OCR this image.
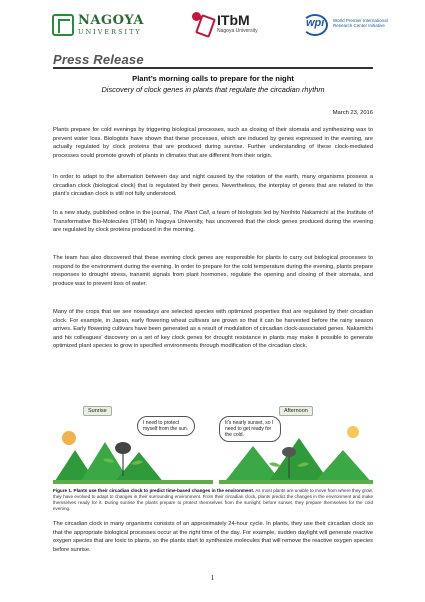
NAGOYA
UNIVERSITY
ITbM
Nagoya University
wpi
World Premier International Research Center Initiative
Press Release
Plant’s morning calls to prepare for the night
Discovery of clock genes in plants that regulate the circadian rhythm
March 23, 2016

Plants prepare for cold evenings by triggering biological processes, such as closing of their stomata and synthesizing wax to prevent water loss. Biologists have shown that these processes, which are induced by genes expressed in the evening, are actually regulated by clock proteins that are produced during sunrise. Further understanding of these clock-mediated processes could promote growth of plants in climates that are different from their origin.

In order to adapt to the alternation between day and night caused by the rotation of the earth, many organisms possess a circadian clock (biological clock) that is regulated by their genes. Nevertheless, the interplay of genes that are related to the plant’s circadian clock is still not fully understood.

In a new study, published online in the journal, The Plant Cell, a team of biologists led by Norihito Nakamichi at the Institute of Transformative Bio-Molecules (ITbM) in Nagoya University, has uncovered that the clock genes produced during the evening are regulated by clock proteins produced in the morning.

The team has also discovered that these evening clock genes are responsible for plants to carry out biological processes to respond to the environment during the evening. In order to prepare for the cold temperature during the evening, plants prepare responses to drought stress, transmit signals from plant hormones, regulate the opening and closing of their stomata, and produce wax to prevent loss of water.

Many of the crops that we see nowadays are selected species with optimized properties that are regulated by their circadian clock. For example, in Japan, early flowering wheat cultivars are grown so that it can be harvested before the rainy season arrives. Early flowering cultivars have been generated as a result of modulation of circadian clock-associated genes. Nakamichi and his colleagues’ discovery on a set of key clock genes for drought resistance in plants may make it possible to generate optimized plant species to grow in specified environments through modification of the circadian clock.

Sunrise
I need to protect myself from the sun.
Afternoon
It’s nearly sunset, so I need to get ready for the cold.

Figure 1. Plants use their circadian clock to predict time-based changes in the environment. As most plants are unable to move from where they grow, they have evolved to adapt to changes in their surrounding environment. From their circadian clock, plants predict the changes in the environment and make themselves ready for it. During sunrise the plants prepare to protect themselves from the sunlight; before sunset, they prepare themselves for the cold evening.

The circadian clock in many organisms consists of an approximately 24-hour cycle. In plants, they use their circadian clock so that the appropriate biological processes occur at the right time of the day. For example, sudden daylight will generate reactive oxygen species that are toxic to plants, so the plants start to synthesize molecules that will remove the reactive oxygen species before sunrise.

1
